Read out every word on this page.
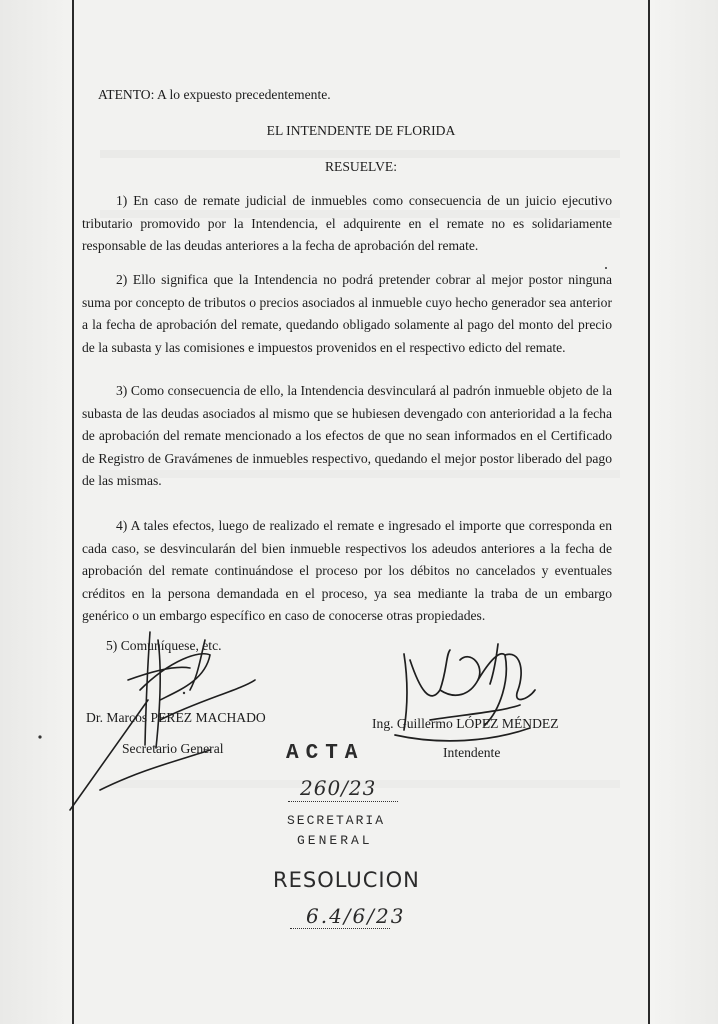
ATENTO: A lo expuesto precedentemente.
EL INTENDENTE DE FLORIDA
RESUELVE:
1) En caso de remate judicial de inmuebles como consecuencia de un juicio ejecutivo tributario promovido por la Intendencia, el adquirente en el remate no es solidariamente responsable de las deudas anteriores a la fecha de aprobación del remate.
2) Ello significa que la Intendencia no podrá pretender cobrar al mejor postor ninguna suma por concepto de tributos o precios asociados al inmueble cuyo hecho generador sea anterior a la fecha de aprobación del remate, quedando obligado solamente al pago del monto del precio de la subasta y las comisiones e impuestos provenidos en el respectivo edicto del remate.
3) Como consecuencia de ello, la Intendencia desvinculará al padrón inmueble objeto de la subasta de las deudas asociados al mismo que se hubiesen devengado con anterioridad a la fecha de aprobación del remate mencionado a los efectos de que no sean informados en el Certificado de Registro de Gravámenes de inmuebles respectivo, quedando el mejor postor liberado del pago de las mismas.
4) A tales efectos, luego de realizado el remate e ingresado el importe que corresponda en cada caso, se desvincularán del bien inmueble respectivos los adeudos anteriores a la fecha de aprobación del remate continuándose el proceso por los débitos no cancelados y eventuales créditos en la persona demandada en el proceso, ya sea mediante la traba de un embargo genérico o un embargo específico en caso de conocerse otras propiedades.
5) Comuníquese, etc.
Dr. Marcos PEREZ MACHADO
Secretario General
Ing. Guillermo LÓPEZ MÉNDEZ
Intendente
ACTA
260/23
SECRETARIA
GENERAL
RESOLUCION
6.4/6/23
